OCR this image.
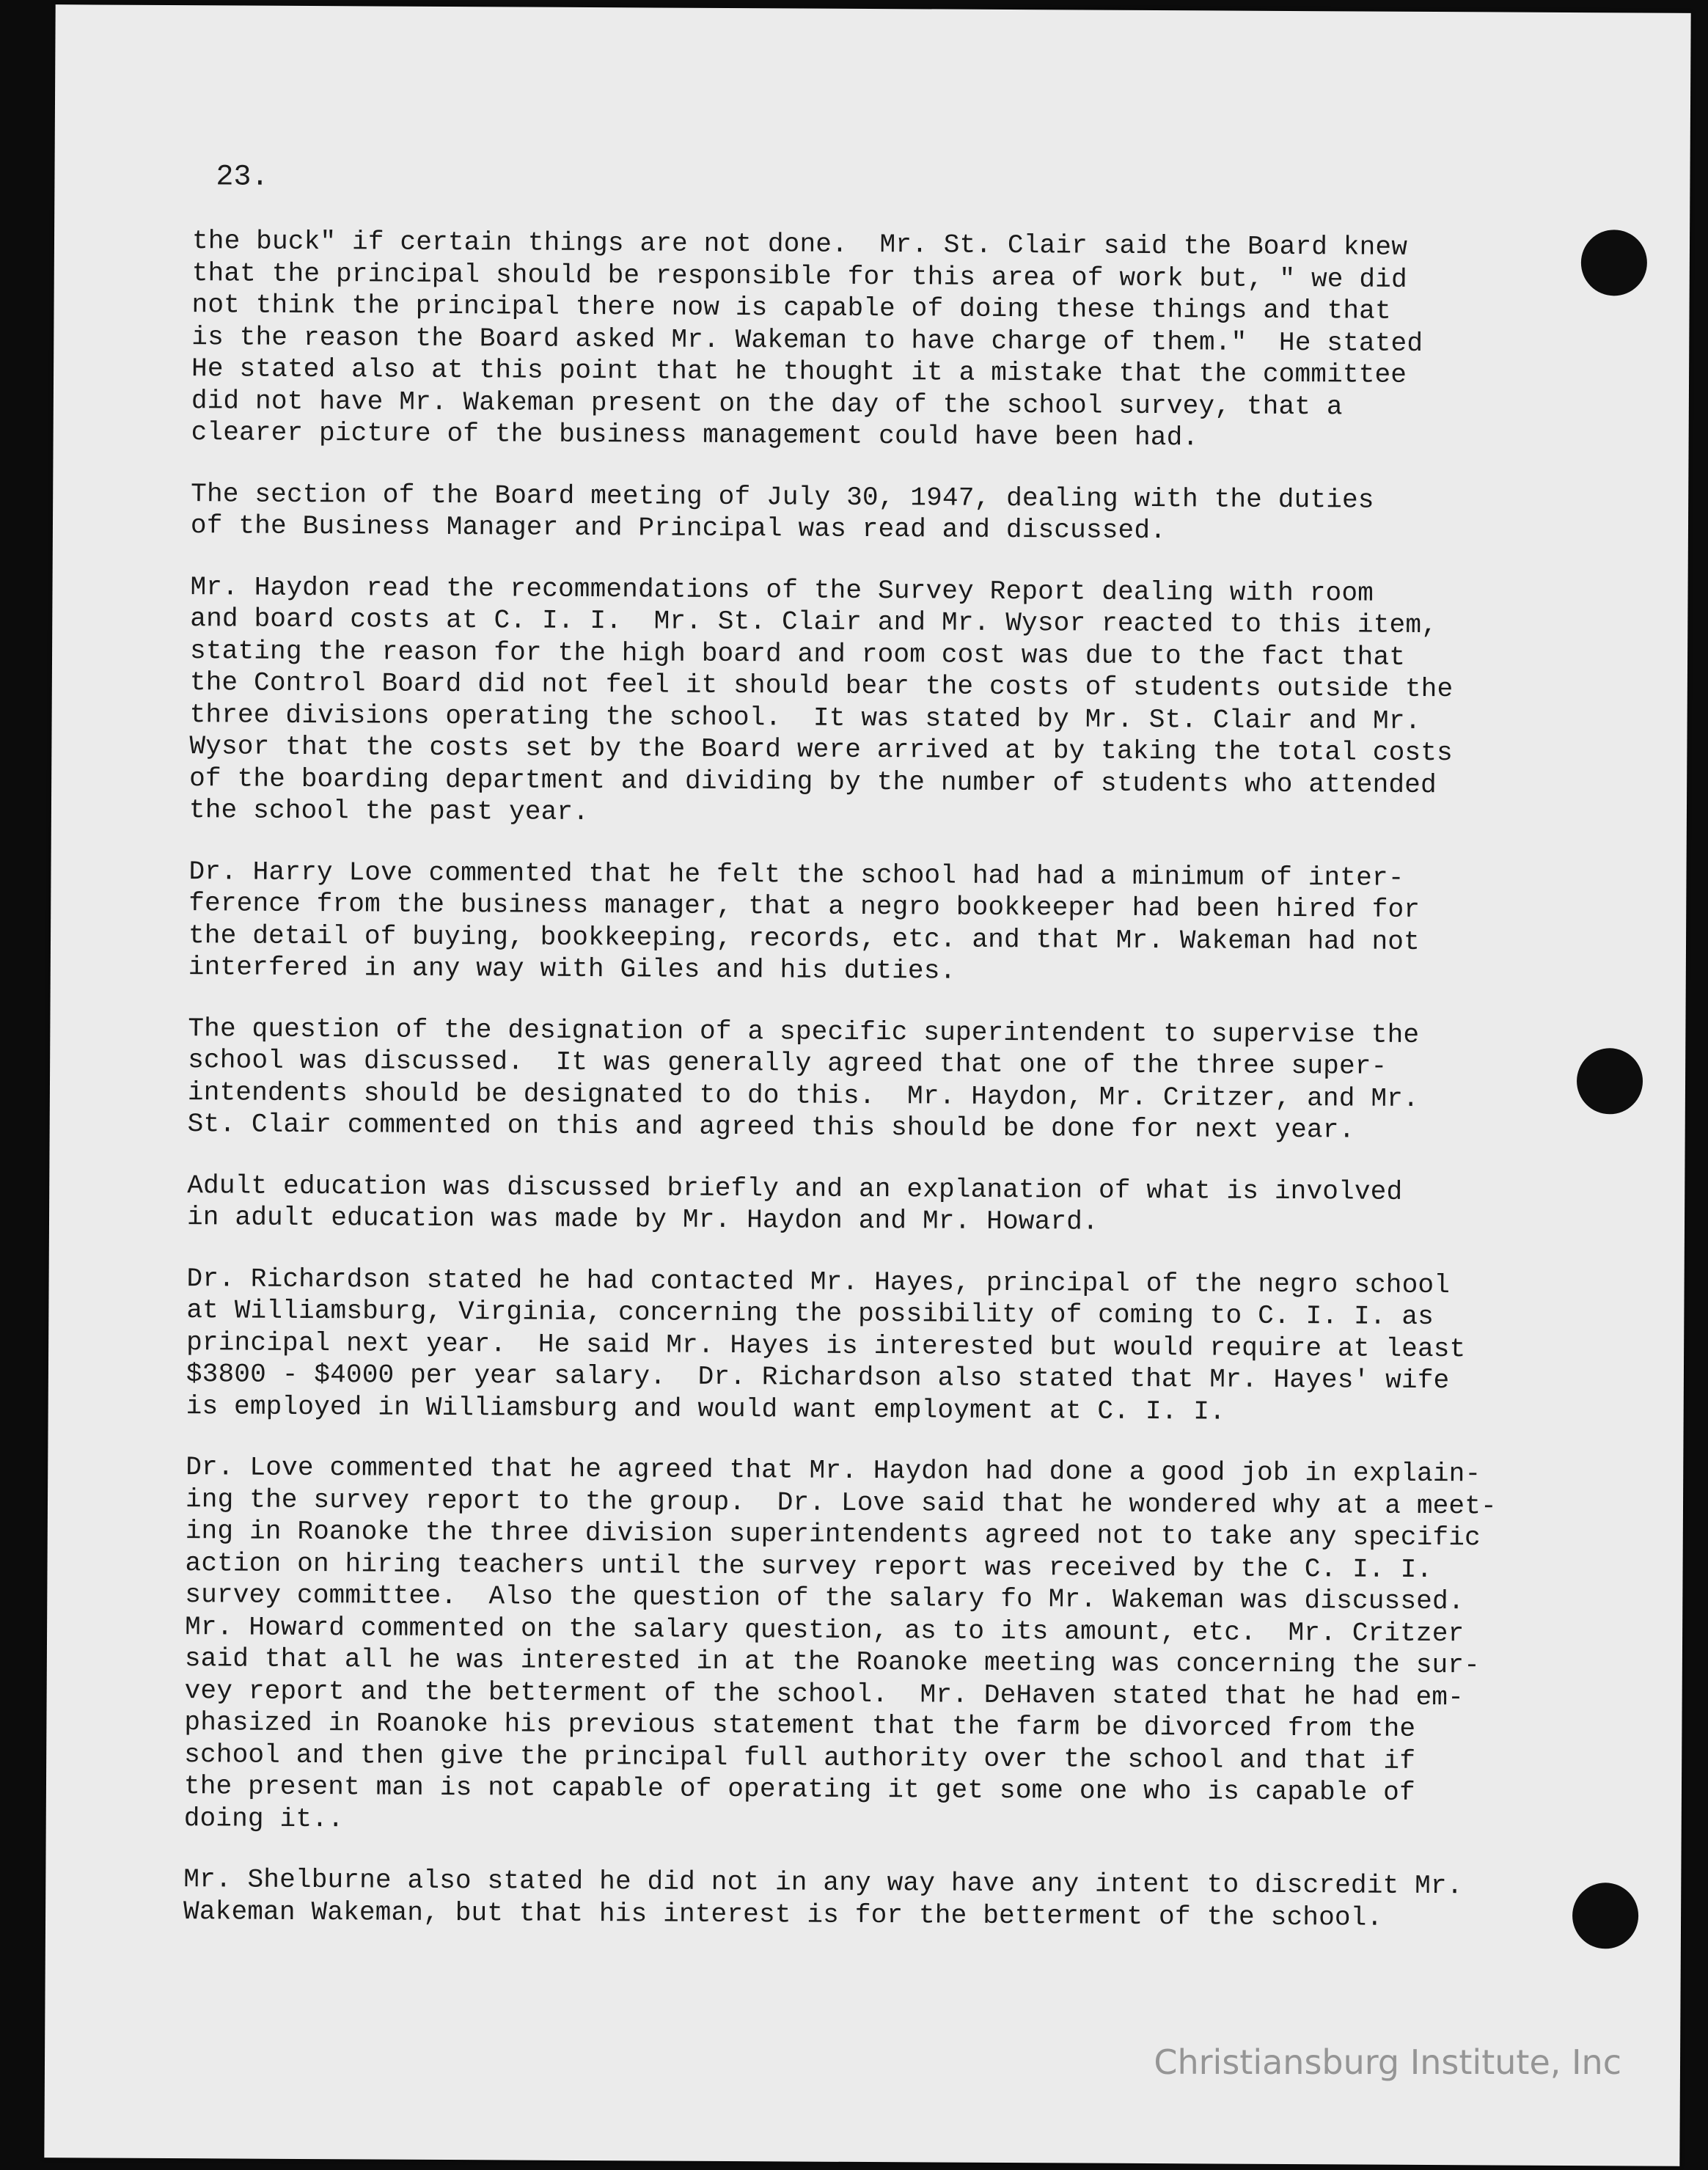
23.
the buck" if certain things are not done.  Mr. St. Clair said the Board knew
that the principal should be responsible for this area of work but, " we did
not think the principal there now is capable of doing these things and that
is the reason the Board asked Mr. Wakeman to have charge of them."  He stated
He stated also at this point that he thought it a mistake that the committee
did not have Mr. Wakeman present on the day of the school survey, that a
clearer picture of the business management could have been had.
The section of the Board meeting of July 30, 1947, dealing with the duties
of the Business Manager and Principal was read and discussed.
Mr. Haydon read the recommendations of the Survey Report dealing with room
and board costs at C. I. I.  Mr. St. Clair and Mr. Wysor reacted to this item,
stating the reason for the high board and room cost was due to the fact that
the Control Board did not feel it should bear the costs of students outside the
three divisions operating the school.  It was stated by Mr. St. Clair and Mr.
Wysor that the costs set by the Board were arrived at by taking the total costs
of the boarding department and dividing by the number of students who attended
the school the past year.
Dr. Harry Love commented that he felt the school had had a minimum of inter-
ference from the business manager, that a negro bookkeeper had been hired for
the detail of buying, bookkeeping, records, etc. and that Mr. Wakeman had not
interfered in any way with Giles and his duties.
The question of the designation of a specific superintendent to supervise the
school was discussed.  It was generally agreed that one of the three super-
intendents should be designated to do this.  Mr. Haydon, Mr. Critzer, and Mr.
St. Clair commented on this and agreed this should be done for next year.
Adult education was discussed briefly and an explanation of what is involved
in adult education was made by Mr. Haydon and Mr. Howard.
Dr. Richardson stated he had contacted Mr. Hayes, principal of the negro school
at Williamsburg, Virginia, concerning the possibility of coming to C. I. I. as
principal next year.  He said Mr. Hayes is interested but would require at least
$3800 - $4000 per year salary.  Dr. Richardson also stated that Mr. Hayes' wife
is employed in Williamsburg and would want employment at C. I. I.
Dr. Love commented that he agreed that Mr. Haydon had done a good job in explain-
ing the survey report to the group.  Dr. Love said that he wondered why at a meet-
ing in Roanoke the three division superintendents agreed not to take any specific
action on hiring teachers until the survey report was received by the C. I. I.
survey committee.  Also the question of the salary fo Mr. Wakeman was discussed.
Mr. Howard commented on the salary question, as to its amount, etc.  Mr. Critzer
said that all he was interested in at the Roanoke meeting was concerning the sur-
vey report and the betterment of the school.  Mr. DeHaven stated that he had em-
phasized in Roanoke his previous statement that the farm be divorced from the
school and then give the principal full authority over the school and that if
the present man is not capable of operating it get some one who is capable of
doing it..
Mr. Shelburne also stated he did not in any way have any intent to discredit Mr.
Wakeman Wakeman, but that his interest is for the betterment of the school.
Christiansburg Institute, Inc
